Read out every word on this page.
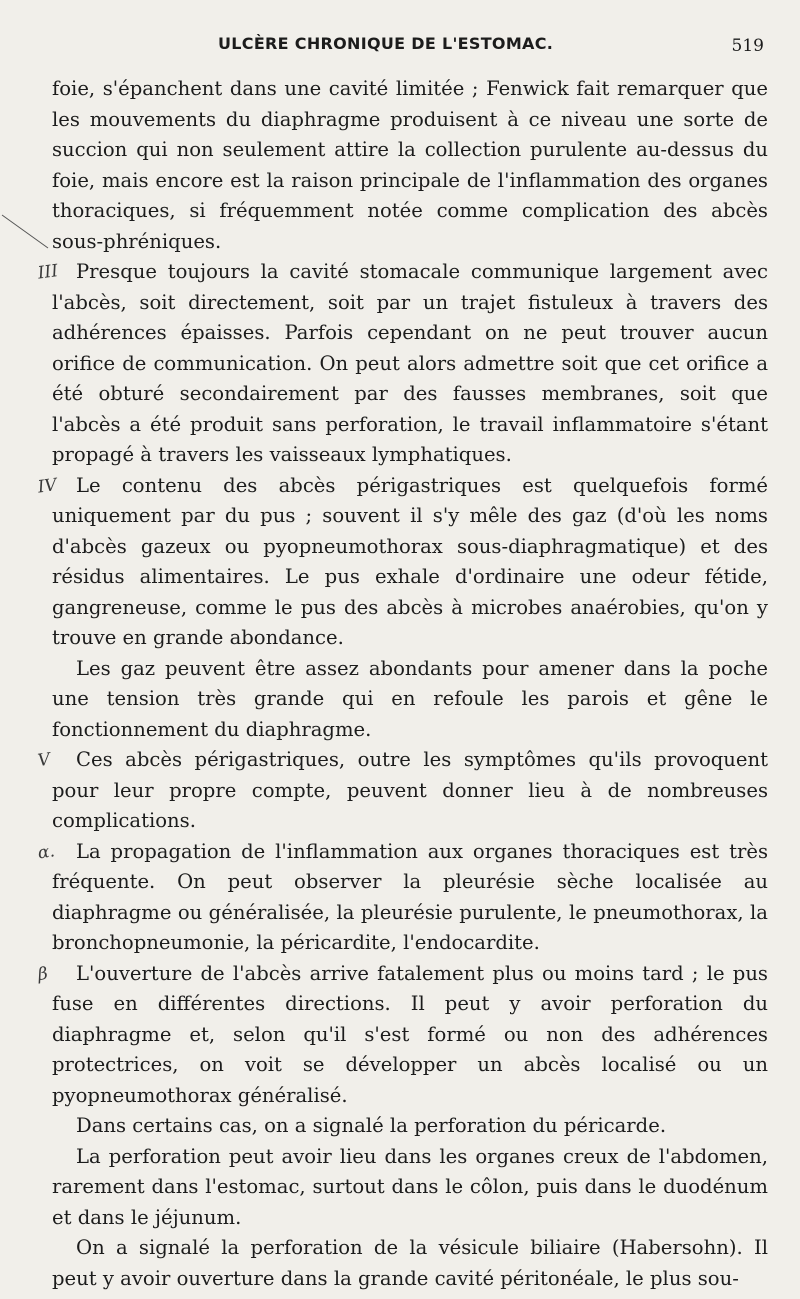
ULCÈRE CHRONIQUE DE L'ESTOMAC.	519

foie, s'épanchent dans une cavité limitée ; Fenwick fait remarquer que les mouvements du diaphragme produisent à ce niveau une sorte de succion qui non seulement attire la collection purulente au-dessus du foie, mais encore est la raison principale de l'inflammation des organes thoraciques, si fréquemment notée comme complication des abcès sous-phréniques.

III Presque toujours la cavité stomacale communique largement avec l'abcès, soit directement, soit par un trajet fistuleux à travers des adhérences épaisses. Parfois cependant on ne peut trouver aucun orifice de communication. On peut alors admettre soit que cet orifice a été obturé secondairement par des fausses membranes, soit que l'abcès a été produit sans perforation, le travail inflammatoire s'étant propagé à travers les vaisseaux lymphatiques.

IV Le contenu des abcès périgastriques est quelquefois formé uniquement par du pus ; souvent il s'y mêle des gaz (d'où les noms d'abcès gazeux ou pyopneumothorax sous-diaphragmatique) et des résidus alimentaires. Le pus exhale d'ordinaire une odeur fétide, gangreneuse, comme le pus des abcès à microbes anaérobies, qu'on y trouve en grande abondance.

Les gaz peuvent être assez abondants pour amener dans la poche une tension très grande qui en refoule les parois et gêne le fonctionnement du diaphragme.

V Ces abcès périgastriques, outre les symptômes qu'ils provoquent pour leur propre compte, peuvent donner lieu à de nombreuses complications.

α. La propagation de l'inflammation aux organes thoraciques est très fréquente. On peut observer la pleurésie sèche localisée au diaphragme ou généralisée, la pleurésie purulente, le pneumothorax, la bronchopneumonie, la péricardite, l'endocardite.

β L'ouverture de l'abcès arrive fatalement plus ou moins tard ; le pus fuse en différentes directions. Il peut y avoir perforation du diaphragme et, selon qu'il s'est formé ou non des adhérences protectrices, on voit se développer un abcès localisé ou un pyopneumothorax généralisé.

Dans certains cas, on a signalé la perforation du péricarde.

La perforation peut avoir lieu dans les organes creux de l'abdomen, rarement dans l'estomac, surtout dans le côlon, puis dans le duodénum et dans le jéjunum.

On a signalé la perforation de la vésicule biliaire (Habersohn). Il peut y avoir ouverture dans la grande cavité péritonéale, le plus sou-
